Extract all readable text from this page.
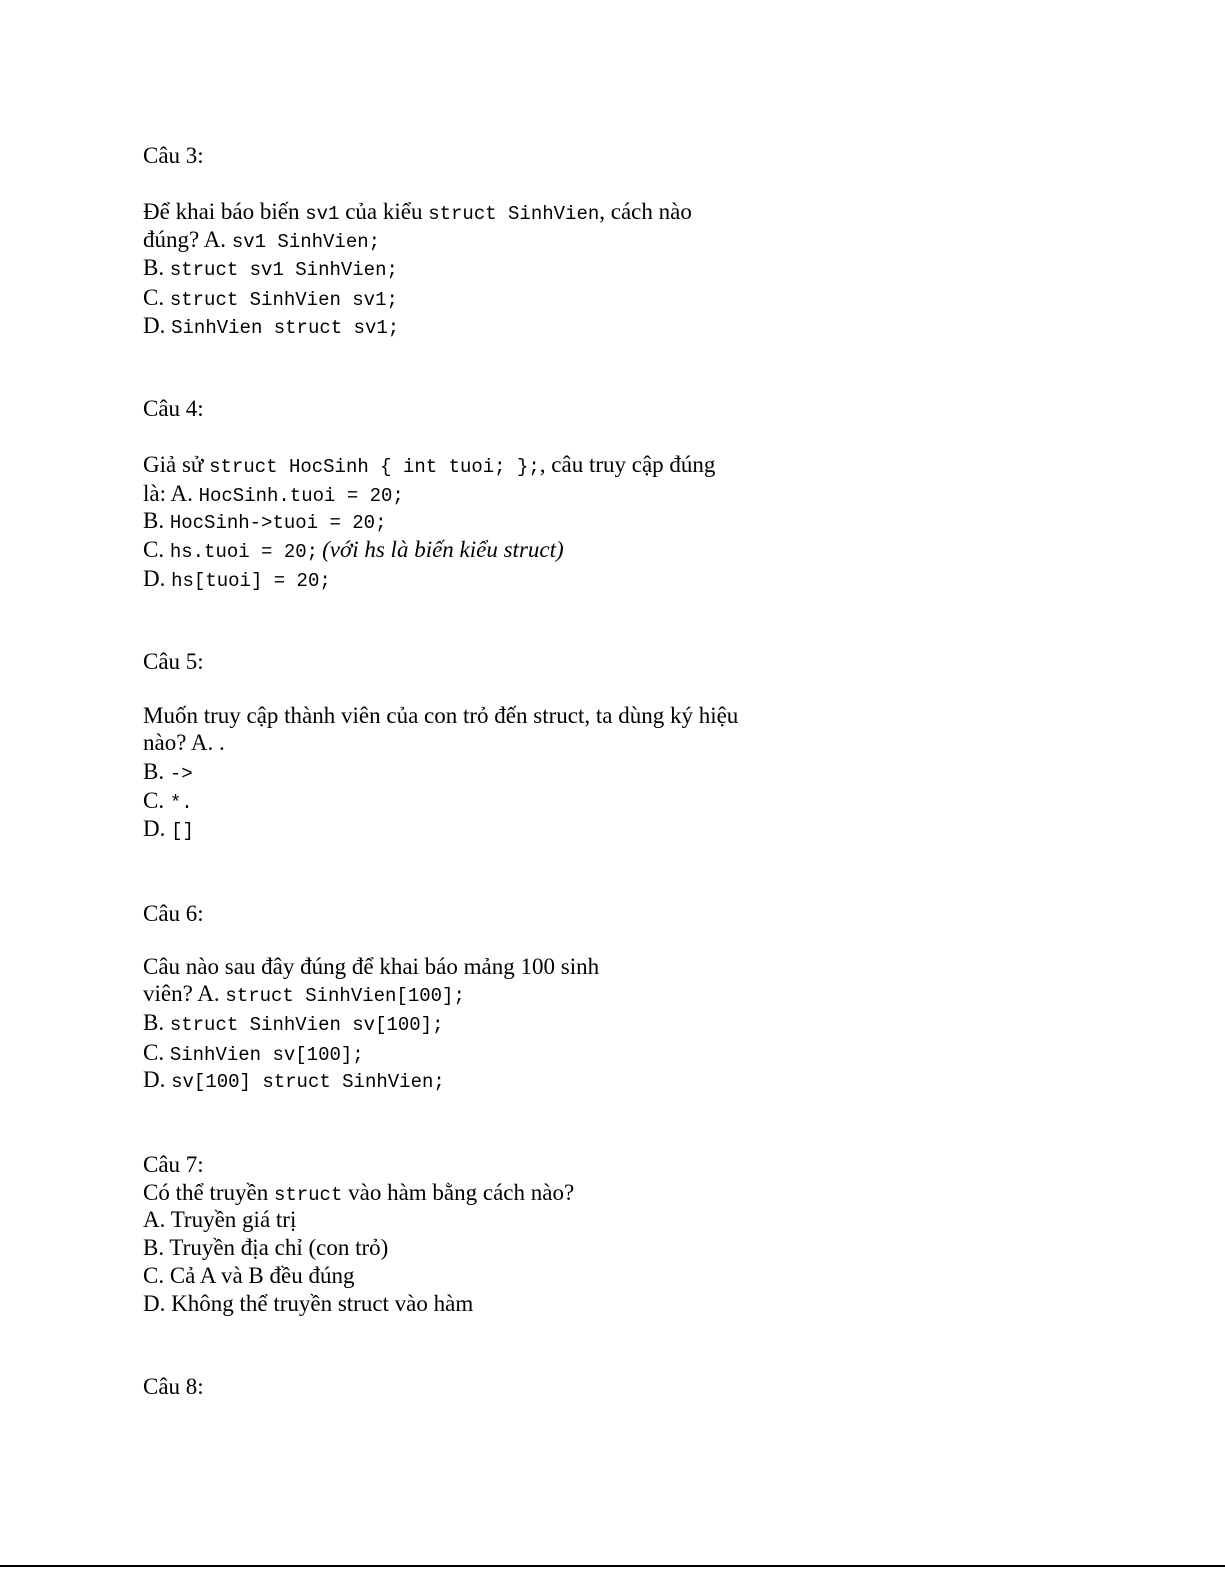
Câu 3:
Để khai báo biến sv1 của kiểu struct SinhVien, cách nào
đúng? A. sv1 SinhVien;
B. struct sv1 SinhVien;
C. struct SinhVien sv1;
D. SinhVien struct sv1;
Câu 4:
Giả sử struct HocSinh { int tuoi; };, câu truy cập đúng
là: A. HocSinh.tuoi = 20;
B. HocSinh->tuoi = 20;
C. hs.tuoi = 20; (với hs là biến kiểu struct)
D. hs[tuoi] = 20;
Câu 5:
Muốn truy cập thành viên của con trỏ đến struct, ta dùng ký hiệu
nào? A. .
B. ->
C. *.
D. []
Câu 6:
Câu nào sau đây đúng để khai báo mảng 100 sinh
viên? A. struct SinhVien[100];
B. struct SinhVien sv[100];
C. SinhVien sv[100];
D. sv[100] struct SinhVien;
Câu 7:
Có thể truyền struct vào hàm bằng cách nào?
A. Truyền giá trị
B. Truyền địa chỉ (con trỏ)
C. Cả A và B đều đúng
D. Không thể truyền struct vào hàm
Câu 8:
